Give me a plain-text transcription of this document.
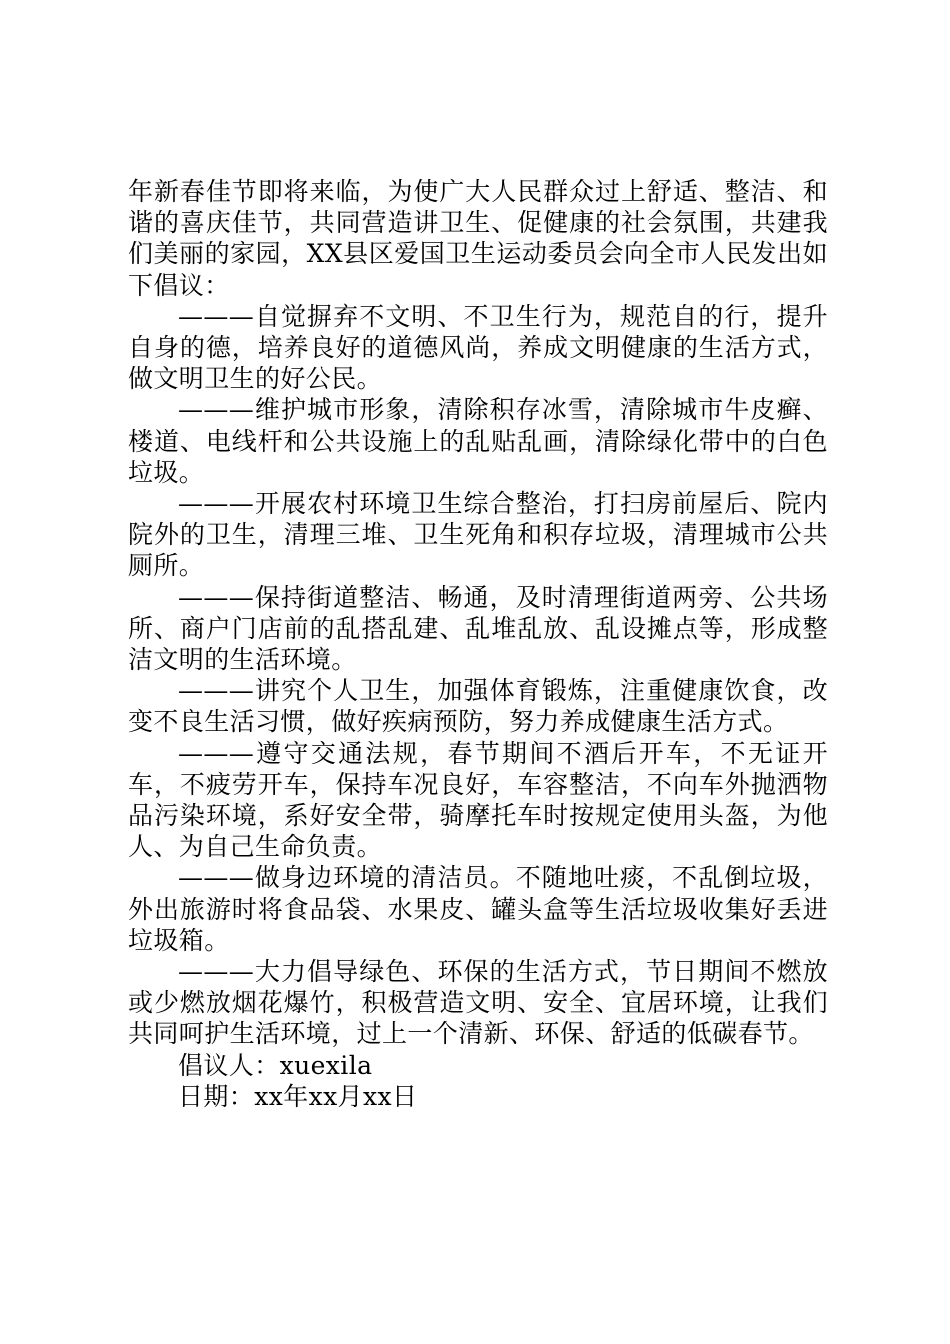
年新春佳节即将来临，为使广大人民群众过上舒适、整洁、和谐的喜庆佳节，共同营造讲卫生、促健康的社会氛围，共建我们美丽的家园，XX县区爱国卫生运动委员会向全市人民发出如下倡议：

———自觉摒弃不文明、不卫生行为，规范自的行，提升自身的德，培养良好的道德风尚，养成文明健康的生活方式，做文明卫生的好公民。

———维护城市形象，清除积存冰雪，清除城市牛皮癣、楼道、电线杆和公共设施上的乱贴乱画，清除绿化带中的白色垃圾。

———开展农村环境卫生综合整治，打扫房前屋后、院内院外的卫生，清理三堆、卫生死角和积存垃圾，清理城市公共厕所。

———保持街道整洁、畅通，及时清理街道两旁、公共场所、商户门店前的乱搭乱建、乱堆乱放、乱设摊点等，形成整洁文明的生活环境。

———讲究个人卫生，加强体育锻炼，注重健康饮食，改变不良生活习惯，做好疾病预防，努力养成健康生活方式。

———遵守交通法规，春节期间不酒后开车，不无证开车，不疲劳开车，保持车况良好，车容整洁，不向车外抛洒物品污染环境，系好安全带，骑摩托车时按规定使用头盔，为他人、为自己生命负责。

———做身边环境的清洁员。不随地吐痰，不乱倒垃圾，外出旅游时将食品袋、水果皮、罐头盒等生活垃圾收集好丢进垃圾箱。

———大力倡导绿色、环保的生活方式，节日期间不燃放或少燃放烟花爆竹，积极营造文明、安全、宜居环境，让我们共同呵护生活环境，过上一个清新、环保、舒适的低碳春节。

倡议人：xuexila

日期：xx年xx月xx日
